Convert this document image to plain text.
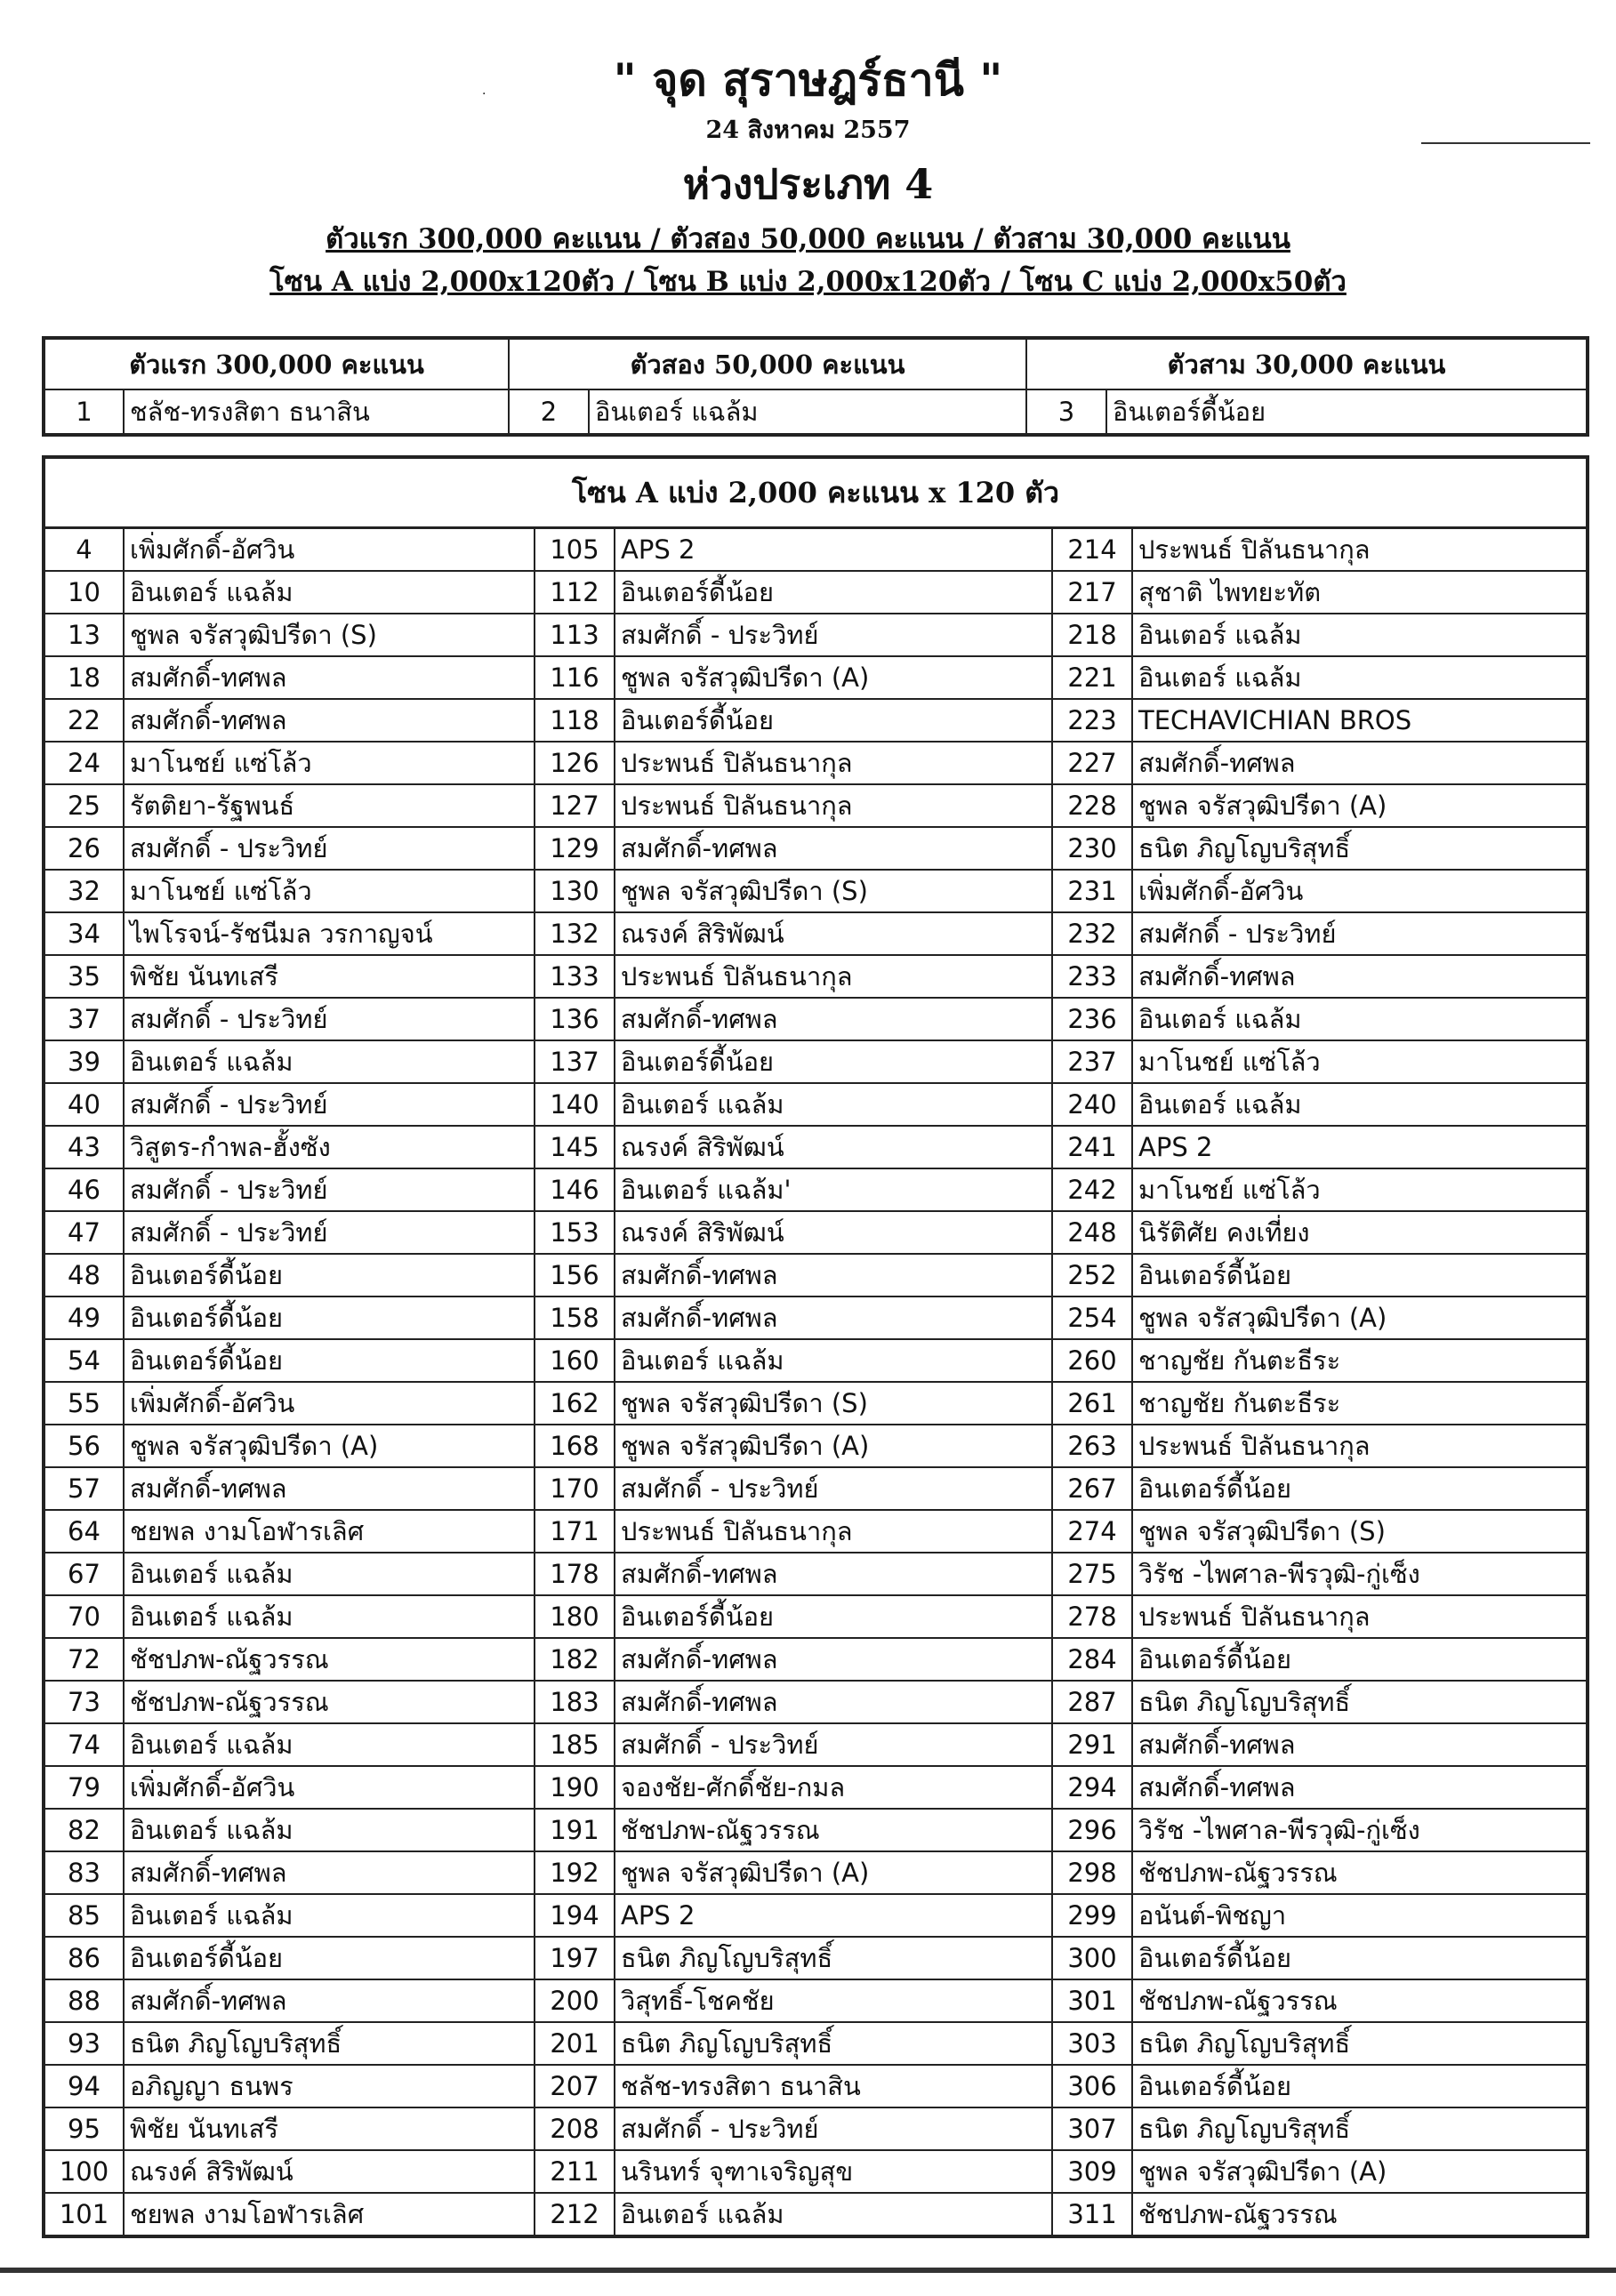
·	" จุด สุราษฎร์ธานี "
24 สิงหาคม 2557
ห่วงประเภท 4
ตัวแรก 300,000 คะแนน / ตัวสอง 50,000 คะแนน / ตัวสาม 30,000 คะแนน
โซน A แบ่ง 2,000x120ตัว / โซน B แบ่ง 2,000x120ตัว / โซน C แบ่ง 2,000x50ตัว
ตัวแรก 300,000 คะแนน		ตัวสอง 50,000 คะแนน		ตัวสาม 30,000 คะแนน	
1	ชลัช-ทรงสิตา ธนาสิน	2	อินเตอร์ แฉล้ม	3	อินเตอร์ดี้น้อย
โซน A แบ่ง 2,000 คะแนน x 120 ตัว					
4	เพิ่มศักดิ์-อัศวิน	105	APS 2	214	ประพนธ์ ปิลันธนากุล
10	อินเตอร์ แฉล้ม	112	อินเตอร์ดี้น้อย	217	สุชาติ ไพทยะทัต
13	ชูพล จรัสวุฒิปรีดา (S)	113	สมศักดิ์ - ประวิทย์	218	อินเตอร์ แฉล้ม
18	สมศักดิ์-ทศพล	116	ชูพล จรัสวุฒิปรีดา (A)	221	อินเตอร์ แฉล้ม
22	สมศักดิ์-ทศพล	118	อินเตอร์ดี้น้อย	223	TECHAVICHIAN BROS
24	มาโนชย์ แซ่โล้ว	126	ประพนธ์ ปิลันธนากุล	227	สมศักดิ์-ทศพล
25	รัตติยา-รัฐพนธ์	127	ประพนธ์ ปิลันธนากุล	228	ชูพล จรัสวุฒิปรีดา (A)
26	สมศักดิ์ - ประวิทย์	129	สมศักดิ์-ทศพล	230	ธนิต ภิญโญบริสุทธิ์
32	มาโนชย์ แซ่โล้ว	130	ชูพล จรัสวุฒิปรีดา (S)	231	เพิ่มศักดิ์-อัศวิน
34	ไพโรจน์-รัชนีมล วรกาญจน์	132	ณรงค์ สิริพัฒน์	232	สมศักดิ์ - ประวิทย์
35	พิชัย นันทเสรี	133	ประพนธ์ ปิลันธนากุล	233	สมศักดิ์-ทศพล
37	สมศักดิ์ - ประวิทย์	136	สมศักดิ์-ทศพล	236	อินเตอร์ แฉล้ม
39	อินเตอร์ แฉล้ม	137	อินเตอร์ดี้น้อย	237	มาโนชย์ แซ่โล้ว
40	สมศักดิ์ - ประวิทย์	140	อินเตอร์ แฉล้ม	240	อินเตอร์ แฉล้ม
43	วิสูตร-กำพล-ฮั้งซัง	145	ณรงค์ สิริพัฒน์	241	APS 2
46	สมศักดิ์ - ประวิทย์	146	อินเตอร์ แฉล้ม'	242	มาโนชย์ แซ่โล้ว
47	สมศักดิ์ - ประวิทย์	153	ณรงค์ สิริพัฒน์	248	นิรัติศัย คงเที่ยง
48	อินเตอร์ดี้น้อย	156	สมศักดิ์-ทศพล	252	อินเตอร์ดี้น้อย
49	อินเตอร์ดี้น้อย	158	สมศักดิ์-ทศพล	254	ชูพล จรัสวุฒิปรีดา (A)
54	อินเตอร์ดี้น้อย	160	อินเตอร์ แฉล้ม	260	ชาญชัย กันตะธีระ
55	เพิ่มศักดิ์-อัศวิน	162	ชูพล จรัสวุฒิปรีดา (S)	261	ชาญชัย กันตะธีระ
56	ชูพล จรัสวุฒิปรีดา (A)	168	ชูพล จรัสวุฒิปรีดา (A)	263	ประพนธ์ ปิลันธนากุล
57	สมศักดิ์-ทศพล	170	สมศักดิ์ - ประวิทย์	267	อินเตอร์ดี้น้อย
64	ชยพล งามโอฬารเลิศ	171	ประพนธ์ ปิลันธนากุล	274	ชูพล จรัสวุฒิปรีดา (S)
67	อินเตอร์ แฉล้ม	178	สมศักดิ์-ทศพล	275	วิรัช -ไพศาล-พีรวุฒิ-กู่เซ็ง
70	อินเตอร์ แฉล้ม	180	อินเตอร์ดี้น้อย	278	ประพนธ์ ปิลันธนากุล
72	ชัชปภพ-ณัฐวรรณ	182	สมศักดิ์-ทศพล	284	อินเตอร์ดี้น้อย
73	ชัชปภพ-ณัฐวรรณ	183	สมศักดิ์-ทศพล	287	ธนิต ภิญโญบริสุทธิ์
74	อินเตอร์ แฉล้ม	185	สมศักดิ์ - ประวิทย์	291	สมศักดิ์-ทศพล
79	เพิ่มศักดิ์-อัศวิน	190	จองชัย-ศักดิ์ชัย-กมล	294	สมศักดิ์-ทศพล
82	อินเตอร์ แฉล้ม	191	ชัชปภพ-ณัฐวรรณ	296	วิรัช -ไพศาล-พีรวุฒิ-กู่เซ็ง
83	สมศักดิ์-ทศพล	192	ชูพล จรัสวุฒิปรีดา (A)	298	ชัชปภพ-ณัฐวรรณ
85	อินเตอร์ แฉล้ม	194	APS 2	299	อนันต์-พิชญา
86	อินเตอร์ดี้น้อย	197	ธนิต ภิญโญบริสุทธิ์	300	อินเตอร์ดี้น้อย
88	สมศักดิ์-ทศพล	200	วิสุทธิ์-โชคชัย	301	ชัชปภพ-ณัฐวรรณ
93	ธนิต ภิญโญบริสุทธิ์	201	ธนิต ภิญโญบริสุทธิ์	303	ธนิต ภิญโญบริสุทธิ์
94	อภิญญา ธนพร	207	ชลัช-ทรงสิตา ธนาสิน	306	อินเตอร์ดี้น้อย
95	พิชัย นันทเสรี	208	สมศักดิ์ - ประวิทย์	307	ธนิต ภิญโญบริสุทธิ์
100	ณรงค์ สิริพัฒน์	211	นรินทร์ จุฑาเจริญสุข	309	ชูพล จรัสวุฒิปรีดา (A)
101	ชยพล งามโอฬารเลิศ	212	อินเตอร์ แฉล้ม	311	ชัชปภพ-ณัฐวรรณ
